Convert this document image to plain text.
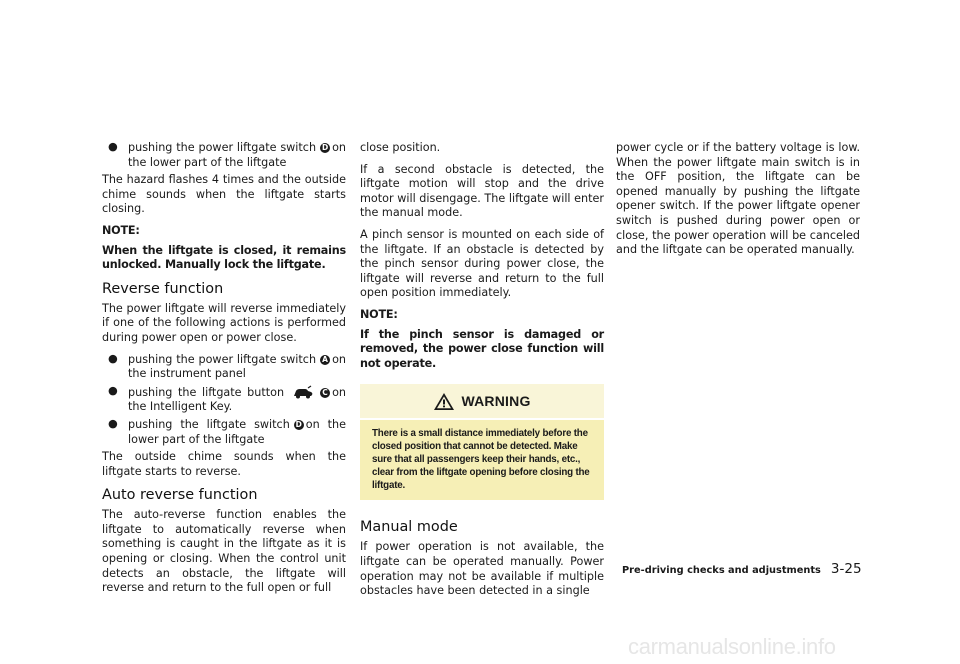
● pushing the power liftgate switch D on the lower part of the liftgate

The hazard flashes 4 times and the outside chime sounds when the liftgate starts closing.

NOTE:

When the liftgate is closed, it remains unlocked. Manually lock the liftgate.

Reverse function

The power liftgate will reverse immediately if one of the following actions is performed during power open or power close.

● pushing the power liftgate switch A on the instrument panel
● pushing the liftgate button	C on the Intelligent Key.
● pushing the liftgate switch D on the lower part of the liftgate

The outside chime sounds when the liftgate starts to reverse.

Auto reverse function

The auto-reverse function enables the liftgate to automatically reverse when something is caught in the liftgate as it is opening or closing. When the control unit detects an obstacle, the liftgate will reverse and return to the full open or full

close position.

If a second obstacle is detected, the liftgate motion will stop and the drive motor will disengage. The liftgate will enter the manual mode.

A pinch sensor is mounted on each side of the liftgate. If an obstacle is detected by the pinch sensor during power close, the liftgate will reverse and return to the full open position immediately.

NOTE:

If the pinch sensor is damaged or removed, the power close function will not operate.

WARNING
There is a small distance immediately before the closed position that cannot be detected. Make sure that all passengers keep their hands, etc., clear from the liftgate opening before closing the liftgate.
Manual mode

If power operation is not available, the liftgate can be operated manually. Power operation may not be available if multiple obstacles have been detected in a single

power cycle or if the battery voltage is low. When the power liftgate main switch is in the OFF position, the liftgate can be opened manually by pushing the liftgate opener switch. If the power liftgate opener switch is pushed during power open or close, the power operation will be canceled and the liftgate can be operated manually.

Pre-driving checks and adjustments 3-25
carmanualsonline.info
